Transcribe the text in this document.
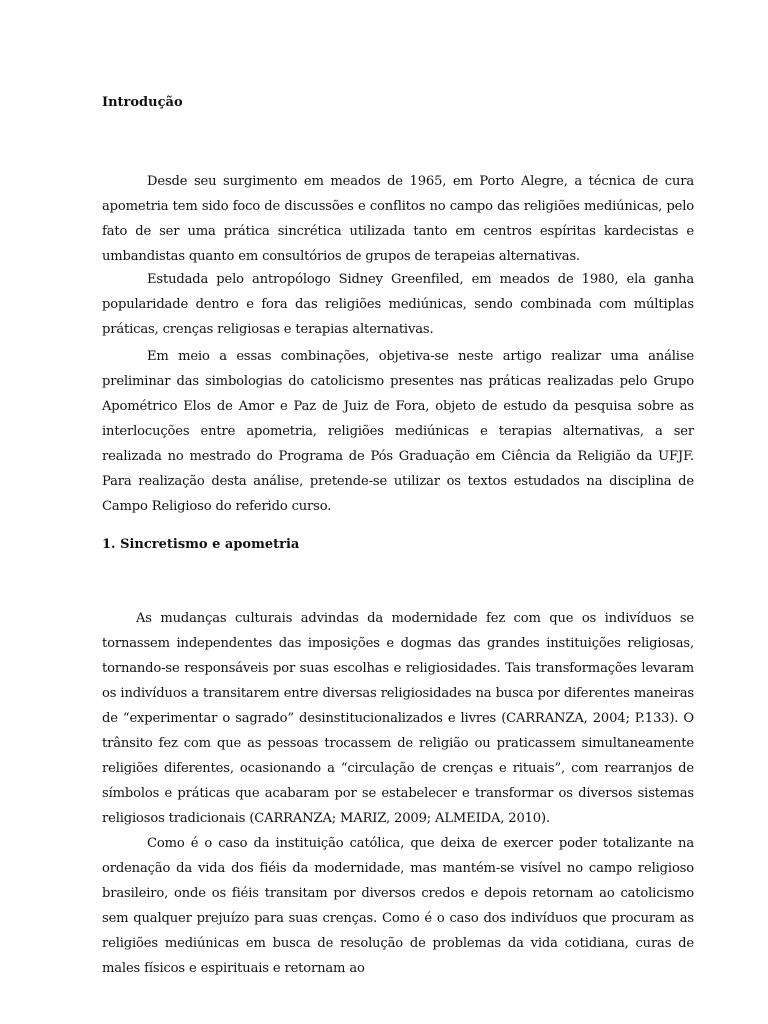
Introdução

Desde seu surgimento em meados de 1965, em Porto Alegre, a técnica de cura apometria tem sido foco de discussões e conflitos no campo das religiões mediúnicas, pelo fato de ser uma prática sincrética utilizada tanto em centros espíritas kardecistas e umbandistas quanto em consultórios de grupos de terapeias alternativas.

Estudada pelo antropólogo Sidney Greenfiled, em meados de 1980, ela ganha popularidade dentro e fora das religiões mediúnicas, sendo combinada com múltiplas práticas, crenças religiosas e terapias alternativas.

Em meio a essas combinações, objetiva-se neste artigo realizar uma análise preliminar das simbologias do catolicismo presentes nas práticas realizadas pelo Grupo Apométrico Elos de Amor e Paz de Juiz de Fora, objeto de estudo da pesquisa sobre as interlocuções entre apometria, religiões mediúnicas e terapias alternativas, a ser realizada no mestrado do Programa de Pós Graduação em Ciência da Religião da UFJF. Para realização desta análise, pretende-se utilizar os textos estudados na disciplina de Campo Religioso do referido curso.

1. Sincretismo e apometria

As mudanças culturais advindas da modernidade fez com que os indivíduos se tornassem independentes das imposições e dogmas das grandes instituições religiosas, tornando-se responsáveis por suas escolhas e religiosidades. Tais transformações levaram os indivíduos a transitarem entre diversas religiosidades na busca por diferentes maneiras de “experimentar o sagrado” desinstitucionalizados e livres (CARRANZA, 2004; P.133). O trânsito fez com que as pessoas trocassem de religião ou praticassem simultaneamente religiões diferentes, ocasionando a “circulação de crenças e rituais”, com rearranjos de símbolos e práticas que acabaram por se estabelecer e transformar os diversos sistemas religiosos tradicionais (CARRANZA; MARIZ, 2009; ALMEIDA, 2010).

Como é o caso da instituição católica, que deixa de exercer poder totalizante na ordenação da vida dos fiéis da modernidade, mas mantém-se visível no campo religioso brasileiro, onde os fiéis transitam por diversos credos e depois retornam ao catolicismo sem qualquer prejuízo para suas crenças. Como é o caso dos indivíduos que procuram as religiões mediúnicas em busca de resolução de problemas da vida cotidiana, curas de males físicos e espirituais e retornam ao
